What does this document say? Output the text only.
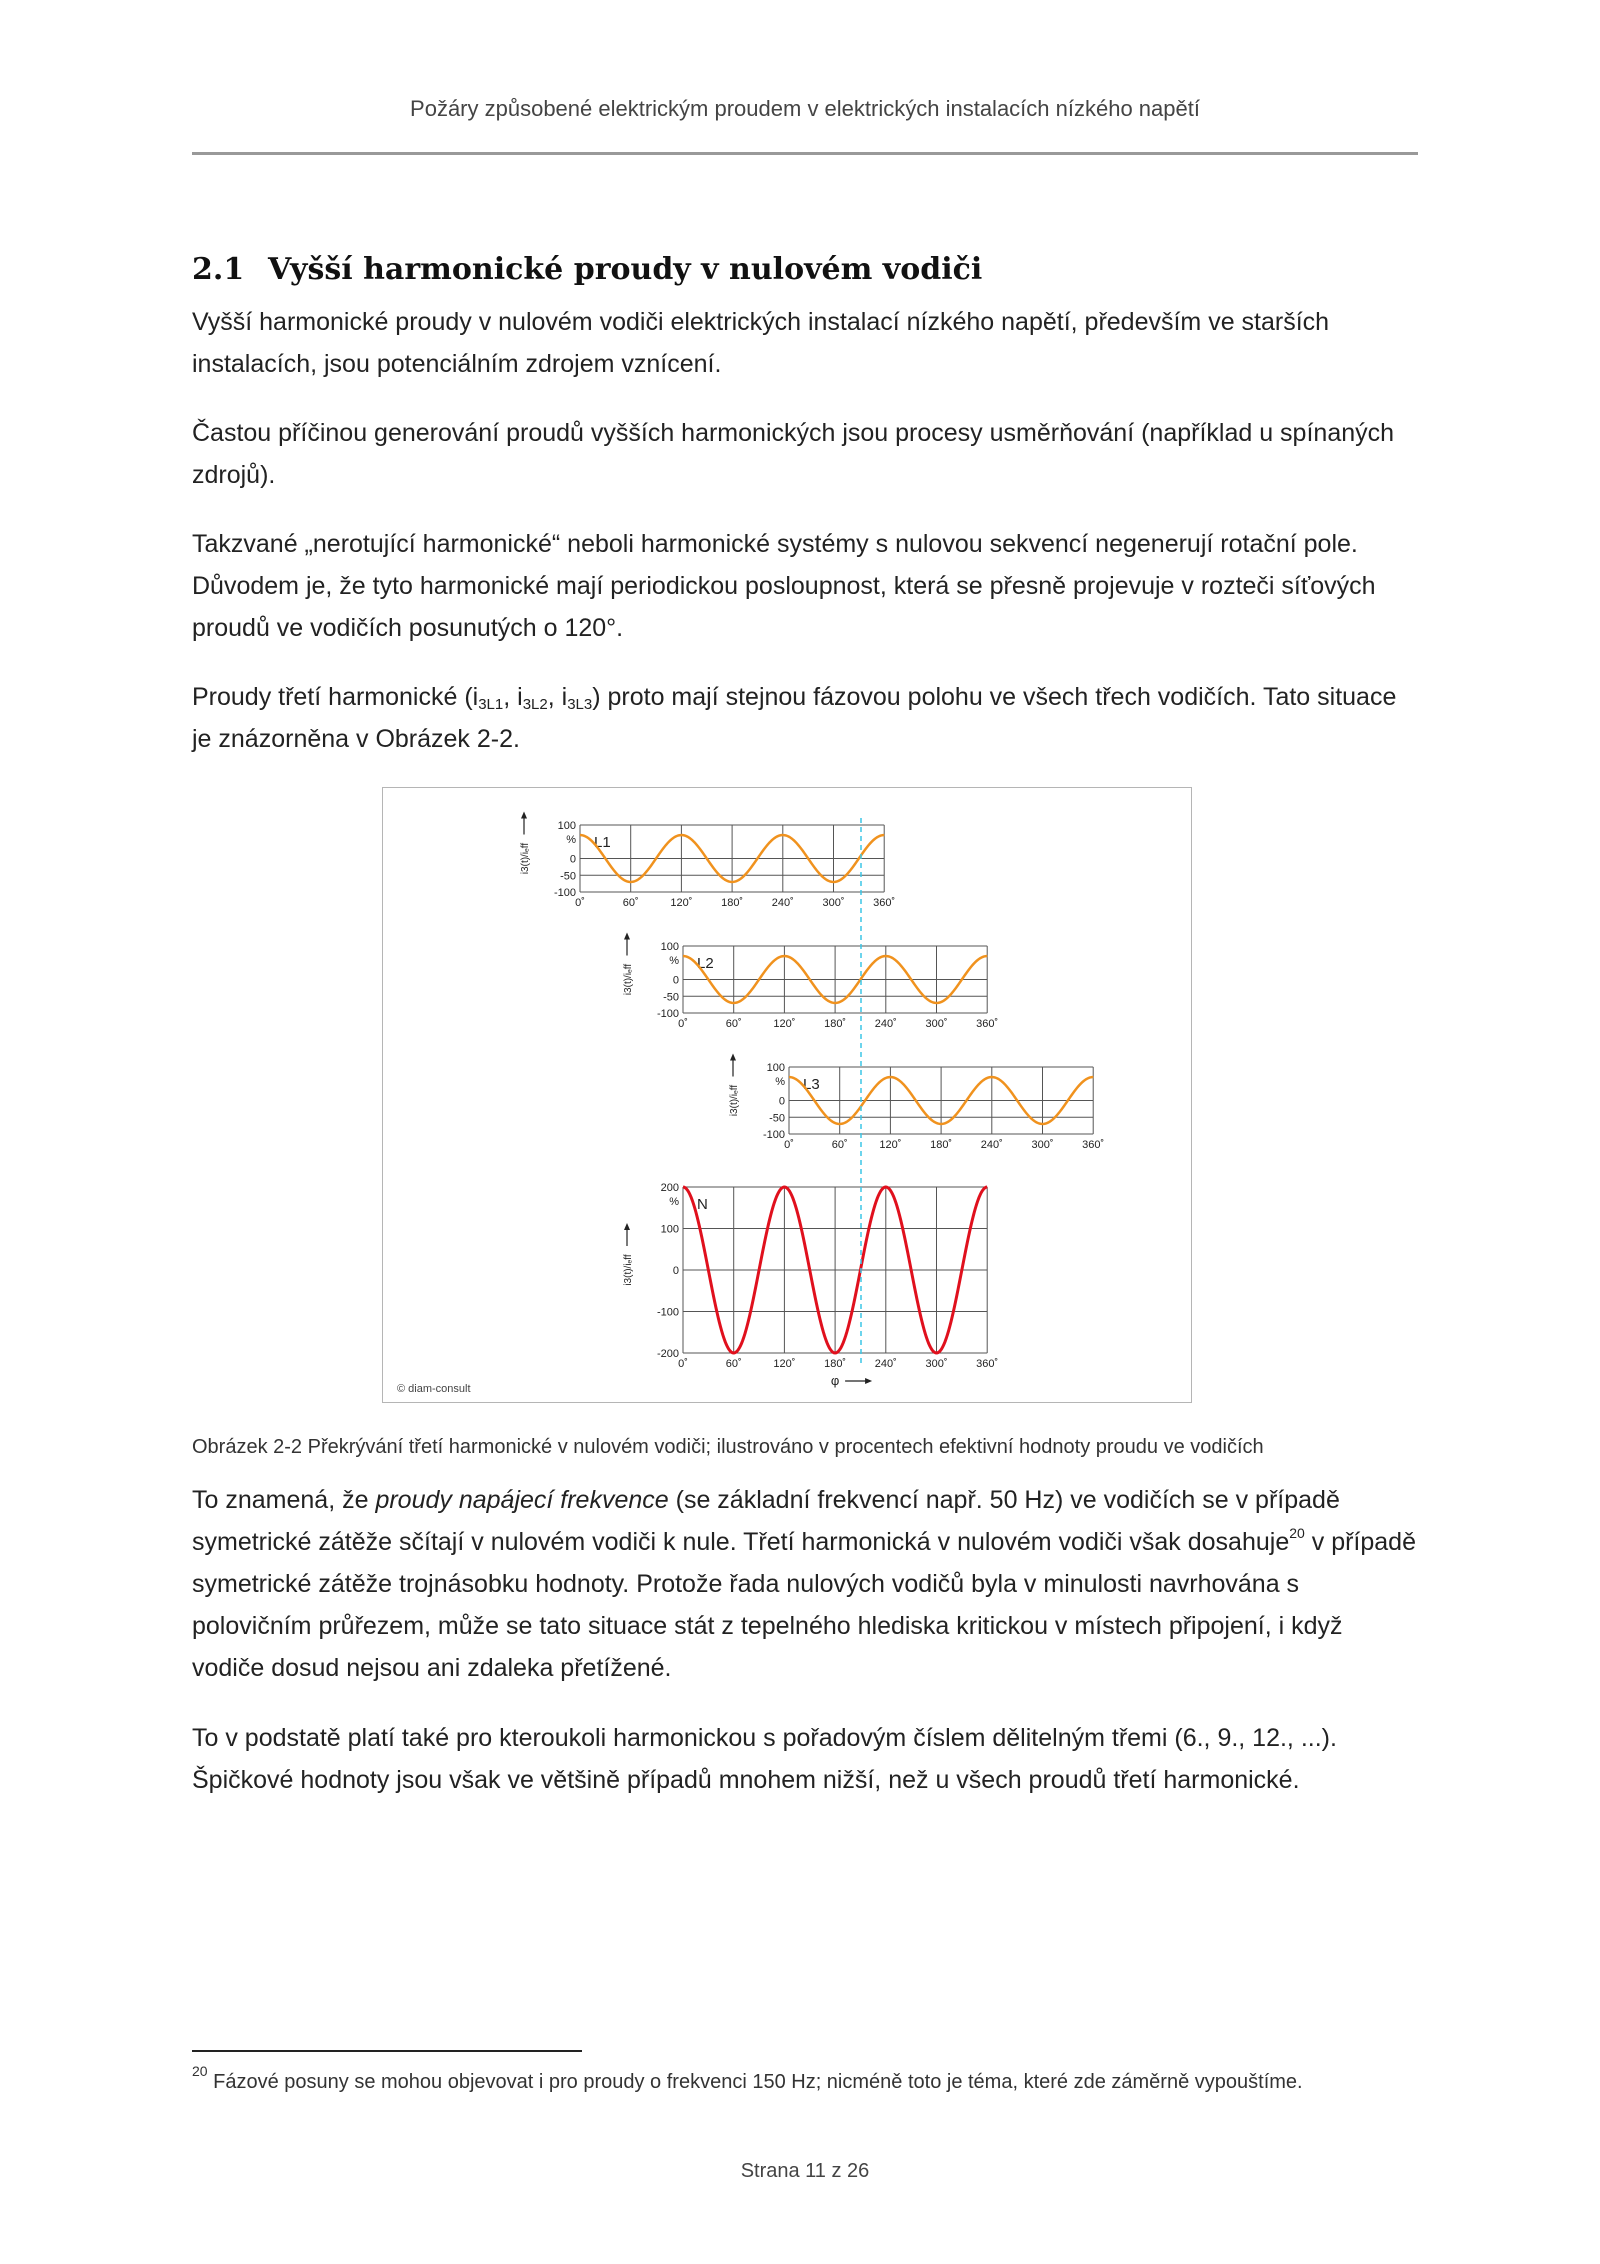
Požáry způsobené elektrickým proudem v elektrických instalacích nízkého napětí
2.1 Vyšší harmonické proudy v nulovém vodiči

Vyšší harmonické proudy v nulovém vodiči elektrických instalací nízkého napětí, především ve starších instalacích, jsou potenciálním zdrojem vznícení.

Častou příčinou generování proudů vyšších harmonických jsou procesy usměrňování (například u spínaných zdrojů).

Takzvané „nerotující harmonické“ neboli harmonické systémy s nulovou sekvencí negenerují rotační pole. Důvodem je, že tyto harmonické mají periodickou posloupnost, která se přesně projevuje v rozteči síťových proudů ve vodičích posunutých o 120°.

Proudy třetí harmonické ($i_{3L1}$, $i_{3L2}$, $i_{3L3}$) proto mají stejnou fázovou polohu ve všech třech vodičích. Tato situace je znázorněna v Obrázek 2-2.

100
0
-50
-100
0˚	60˚	120˚	180˚	240˚	300˚	360˚
% L1
i3(t)/iₑff
100
0
-50
-100
0˚	60˚	120˚	180˚	240˚	300˚	360˚
% L2
i3(t)/iₑff
100
0
-50
-100
0˚	60˚	120˚	180˚	240˚	300˚	360˚
% L3
i3(t)/iₑff
200
100
0
-100
-200
0˚	60˚	120˚	180˚	240˚	300˚	360˚
% N
i3(t)/iₑff
φ
© diam-consult
Obrázek 2-2 Překrývání třetí harmonické v nulovém vodiči; ilustrováno v procentech efektivní hodnoty proudu ve vodičích

To znamená, že proudy napájecí frekvence (se základní frekvencí např. 50 Hz) ve vodičích se v případě symetrické zátěže sčítají v nulovém vodiči k nule. Třetí harmonická v nulovém vodiči však dosahuje$^{20}$ v případě symetrické zátěže trojnásobku hodnoty. Protože řada nulových vodičů byla v minulosti navrhována s polovičním průřezem, může se tato situace stát z tepelného hlediska kritickou v místech připojení, i když vodiče dosud nejsou ani zdaleka přetížené.

To v podstatě platí také pro kteroukoli harmonickou s pořadovým číslem dělitelným třemi (6., 9., 12., ...). Špičkové hodnoty jsou však ve většině případů mnohem nižší, než u všech proudů třetí harmonické.

$^{20}$ Fázové posuny se mohou objevovat i pro proudy o frekvenci 150 Hz; nicméně toto je téma, které zde záměrně vypouštíme.
Strana 11 z 26
